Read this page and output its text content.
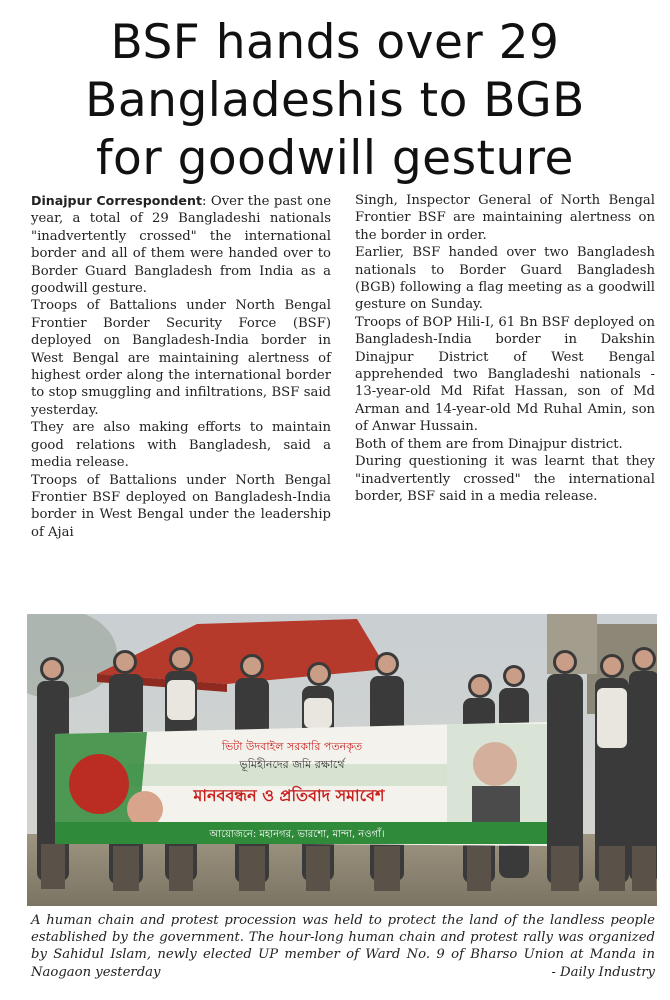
BSF hands over 29
Bangladeshis to BGB
for goodwill gesture

Dinajpur Correspondent: Over the past one year, a total of 29 Bangladeshi nationals "inadvertently crossed" the international border and all of them were handed over to Border Guard Bangladesh from India as a goodwill gesture.

Troops of Battalions under North Bengal Frontier Border Security Force (BSF) deployed on Bangladesh-India border in West Bengal are maintaining alertness of highest order along the international border to stop smuggling and infiltrations, BSF said yesterday.

They are also making efforts to maintain good relations with Bangladesh, said a media release.

Troops of Battalions under North Bengal Frontier BSF deployed on Bangladesh-India border in West Bengal under the leadership of Ajai

Singh, Inspector General of North Bengal Frontier BSF are maintaining alertness on the border in order.

Earlier, BSF handed over two Bangladesh nationals to Border Guard Bangladesh (BGB) following a flag meeting as a goodwill gesture on Sunday.

Troops of BOP Hili-I, 61 Bn BSF deployed on Bangladesh-India border in Dakshin Dinajpur District of West Bengal apprehended two Bangladeshi nationals - 13-year-old Md Rifat Hassan, son of Md Arman and 14-year-old Md Ruhal Amin, son of Anwar Hussain.

Both of them are from Dinajpur district.

During questioning it was learnt that they "inadvertently crossed" the international border, BSF said in a media release.

ভিটা উদবাইল সরকারি পতনকৃত
ভূমিহীনদের জমি রক্ষার্থে
মানববন্ধন ও প্রতিবাদ সমাবেশ
আয়োজনে: মহানগর, ভারশো, মান্দা, নওগাঁ।
A human chain and protest procession was held to protect the land of the landless people established by the government. The hour-long human chain and protest rally was organized by Sahidul Islam, newly elected UP member of Ward No. 9 of Bharso Union at Manda in Naogaon yesterday	- Daily Industry
